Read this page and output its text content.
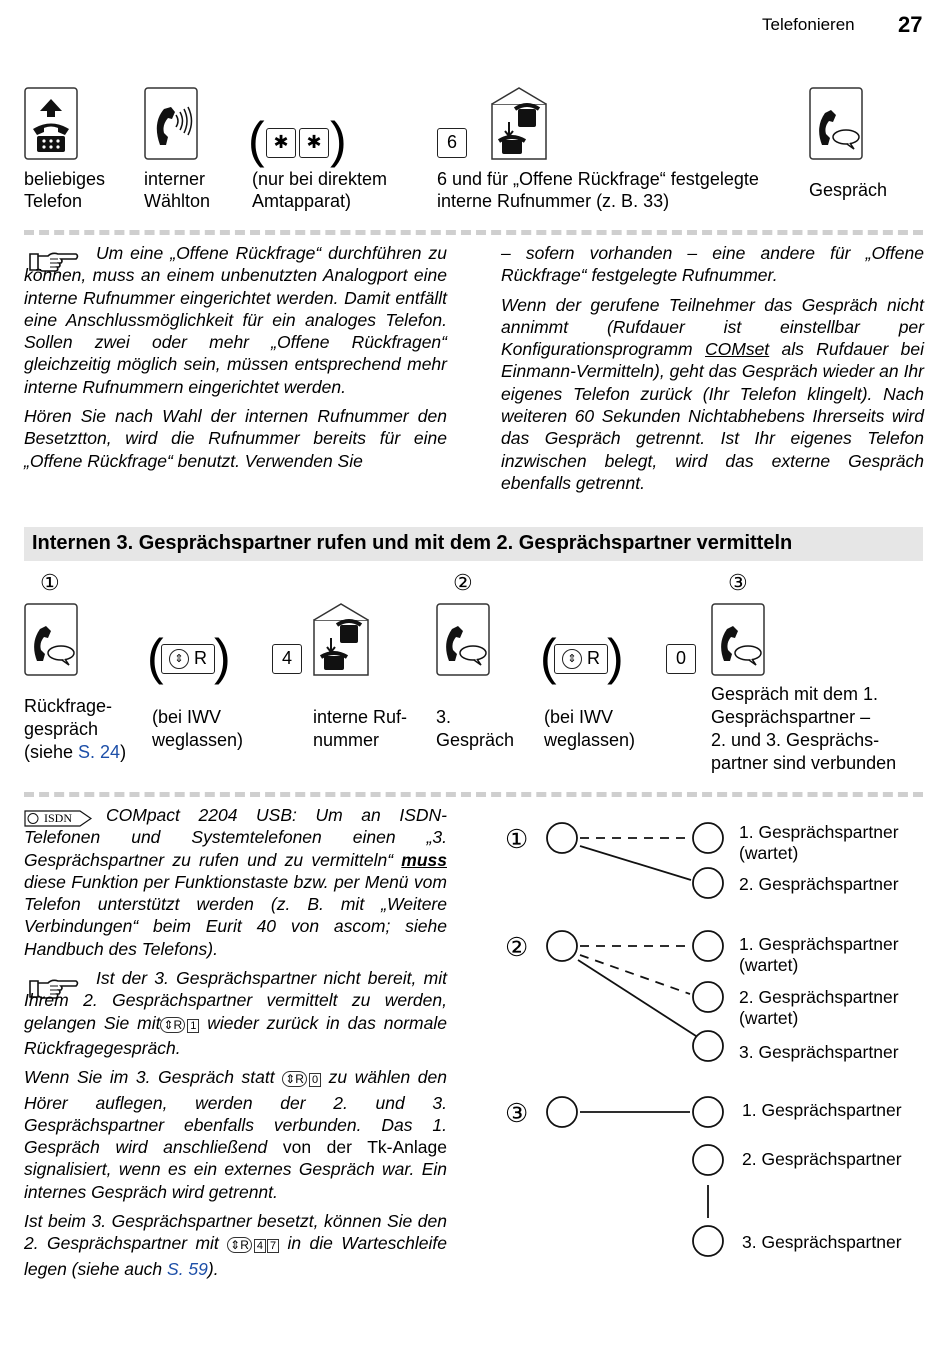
Telefonieren 27
( ✱ ✱ )	6
beliebiges
Telefon
interner
Wählton
(nur bei direktem
Amtapparat)
6 und für „Offene Rückfrage“ festgelegte
interne Rufnummer (z. B. 33)
Gespräch

Um eine „Offene Rückfrage“ durchführen zu können, muss an einem unbenutzten Analogport eine interne Rufnummer eingerichtet werden. Damit entfällt eine Anschlussmöglichkeit für ein analoges Telefon. Sollen zwei oder mehr „Offene Rückfragen“ gleichzeitig möglich sein, müssen entsprechend mehr interne Rufnummern eingerichtet werden.

Hören Sie nach Wahl der internen Rufnummer den Besetztton, wird die Rufnummer bereits für eine „Offene Rückfrage“ benutzt. Verwenden Sie

– sofern vorhanden – eine andere für „Offene Rückfrage“ festgelegte Rufnummer.

Wenn der gerufene Teilnehmer das Gespräch nicht annimmt (Rufdauer ist einstellbar per Konfigurationsprogramm COMset als Rufdauer bei Einmann-Vermitteln), geht das Gespräch wieder an Ihr eigenes Telefon zurück (Ihr Telefon klingelt). Nach weiteren 60 Sekunden Nichtabhebens Ihrerseits wird das Gespräch getrennt. Ist Ihr eigenes Telefon inzwischen belegt, wird das externe Gespräch ebenfalls getrennt.

Internen 3. Gesprächspartner rufen und mit dem 2. Gesprächspartner vermitteln
①	②	③
( ⇕ R )	4	( ⇕ R )	0
Rückfrage-
gespräch
(siehe S. 24)
(bei IWV
weglassen)
interne Ruf-
nummer
3.
Gespräch
(bei IWV
weglassen)
Gespräch mit dem 1.
Gesprächspartner –
2. und 3. Gesprächs-
partner sind verbunden
ISDN	COMpact 2204 USB: Um an ISDN-Telefonen und Systemtelefonen einen „3. Gesprächspartner zu rufen und zu vermitteln“ muss diese Funktion per Funktionstaste bzw. per Menü vom Telefon unterstützt werden (z. B. mit „Weitere Verbindungen“ beim Eurit 40 von ascom; siehe Handbuch des Telefons).

Ist der 3. Gesprächspartner nicht bereit, mit Ihrem 2. Gesprächspartner vermittelt zu werden, gelangen Sie mit ⇕R 1 wieder zurück in das normale Rückfragegespräch.

Wenn Sie im 3. Gespräch statt ⇕R 0 zu wählen den Hörer auflegen, werden der 2. und 3. Gesprächspartner ebenfalls verbunden. Das 1. Gespräch wird anschließend von der Tk-Anlage signalisiert, wenn es ein externes Gespräch war. Ein internes Gespräch wird getrennt.

Ist beim 3. Gesprächspartner besetzt, können Sie den 2. Gesprächspartner mit ⇕R 4 7 in die Warteschleife legen (siehe auch S. 59).

①
②
③
1. Gesprächspartner
(wartet)
2. Gesprächspartner
1. Gesprächspartner
(wartet)
2. Gesprächspartner
(wartet)
3. Gesprächspartner
1. Gesprächspartner
2. Gesprächspartner
3. Gesprächspartner
